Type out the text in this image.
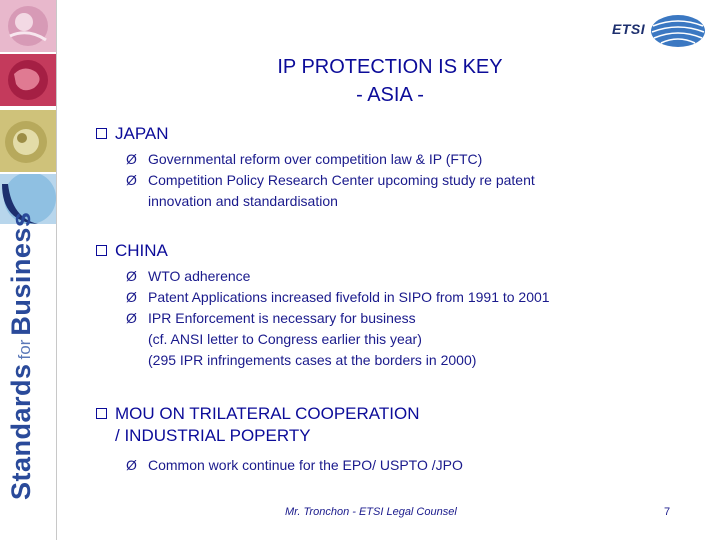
StandardsforBusiness
ETSI
IP PROTECTION IS KEY
- ASIA -
JAPAN
Ø Governmental reform over competition law & IP (FTC)
Ø Competition Policy Research Center upcoming study re patent
innovation and standardisation
CHINA
Ø WTO adherence
Ø Patent Applications increased fivefold in SIPO from 1991 to 2001
Ø IPR Enforcement is necessary for business
(cf. ANSI letter to Congress earlier this year)
(295 IPR infringements cases at the borders in 2000)
MOU ON TRILATERAL COOPERATION
/ INDUSTRIAL POPERTY
Ø Common work continue for the EPO/ USPTO /JPO
Mr. Tronchon - ETSI Legal Counsel	7
